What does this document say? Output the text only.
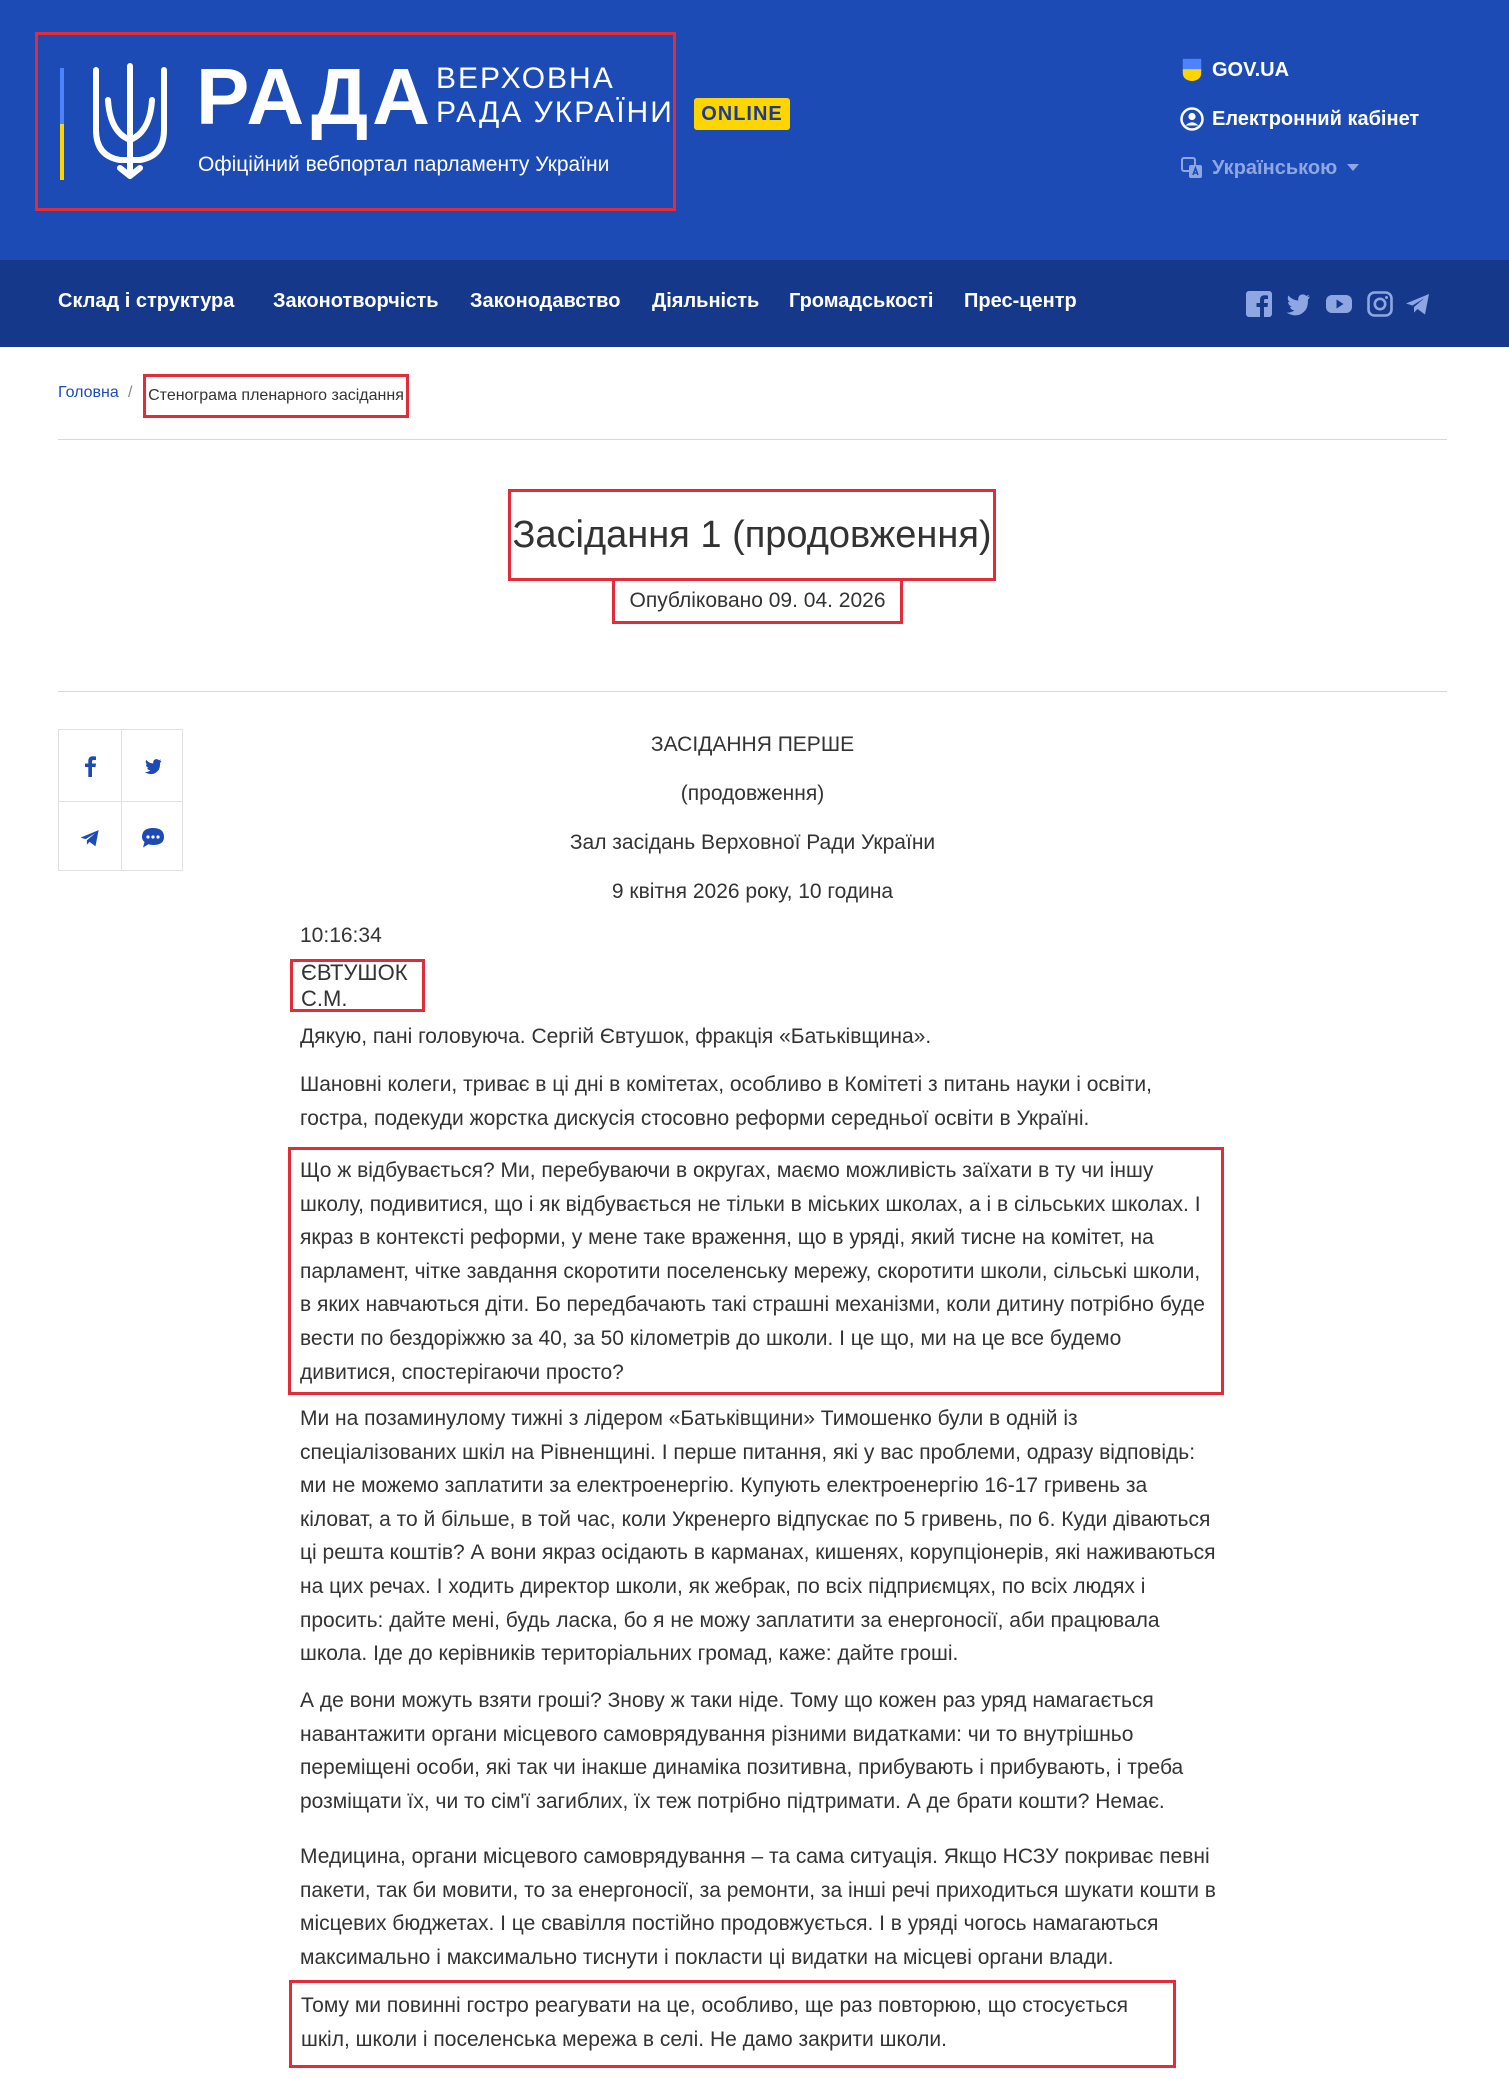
РАДА ВЕРХОВНА
РАДА УКРАЇНИ	ONLINE
Офіційний вебпортал парламенту України
GOV.UA
Електронний кабінет
Українською
Склад і структура Законотворчість Законодавство Діяльність Громадськості Прес-центр
Головна / Стенограма пленарного засідання
Засідання 1 (продовження)
Опубліковано 09. 04. 2026
ЗАСІДАННЯ ПЕРШЕ
(продовження)
Зал засідань Верховної Ради України
9 квітня 2026 року, 10 година
10:16:34
ЄВТУШОК С.М.
Дякую, пані головуюча. Сергій Євтушок, фракція «Батьківщина».
Шановні колеги, триває в ці дні в комітетах, особливо в Комітеті з питань науки і освіти, гостра, подекуди жорстка дискусія стосовно реформи середньої освіти в Україні.
Що ж відбувається? Ми, перебуваючи в округах, маємо можливість заїхати в ту чи іншу школу, подивитися, що і як відбувається не тільки в міських школах, а і в сільських школах. І якраз в контексті реформи, у мене таке враження, що в уряді, який тисне на комітет, на парламент, чітке завдання скоротити поселенську мережу, скоротити школи, сільські школи, в яких навчаються діти. Бо передбачають такі страшні механізми, коли дитину потрібно буде вести по бездоріжжю за 40, за 50 кілометрів до школи. І це що, ми на це все будемо дивитися, спостерігаючи просто?
Ми на позаминулому тижні з лідером «Батьківщини» Тимошенко були в одній із спеціалізованих шкіл на Рівненщині. І перше питання, які у вас проблеми, одразу відповідь: ми не можемо заплатити за електроенергію. Купують електроенергію 16-17 гривень за кіловат, а то й більше, в той час, коли Укренерго відпускає по 5 гривень, по 6. Куди діваються ці решта коштів? А вони якраз осідають в карманах, кишенях, корупціонерів, які наживаються на цих речах. І ходить директор школи, як жебрак, по всіх підприємцях, по всіх людях і просить: дайте мені, будь ласка, бо я не можу заплатити за енергоносії, аби працювала школа. Іде до керівників територіальних громад, каже: дайте гроші.
А де вони можуть взяти гроші? Знову ж таки ніде. Тому що кожен раз уряд намагається навантажити органи місцевого самоврядування різними видатками: чи то внутрішньо переміщені особи, які так чи інакше динаміка позитивна, прибувають і прибувають, і треба розміщати їх, чи то сім'ї загиблих, їх теж потрібно підтримати. А де брати кошти? Немає.
Медицина, органи місцевого самоврядування – та сама ситуація. Якщо НСЗУ покриває певні пакети, так би мовити, то за енергоносії, за ремонти, за інші речі приходиться шукати кошти в місцевих бюджетах. І це свавілля постійно продовжується. І в уряді чогось намагаються максимально і максимально тиснути і покласти ці видатки на місцеві органи влади.
Тому ми повинні гостро реагувати на це, особливо, ще раз повторюю, що стосується шкіл, школи і поселенська мережа в селі. Не дамо закрити школи.
